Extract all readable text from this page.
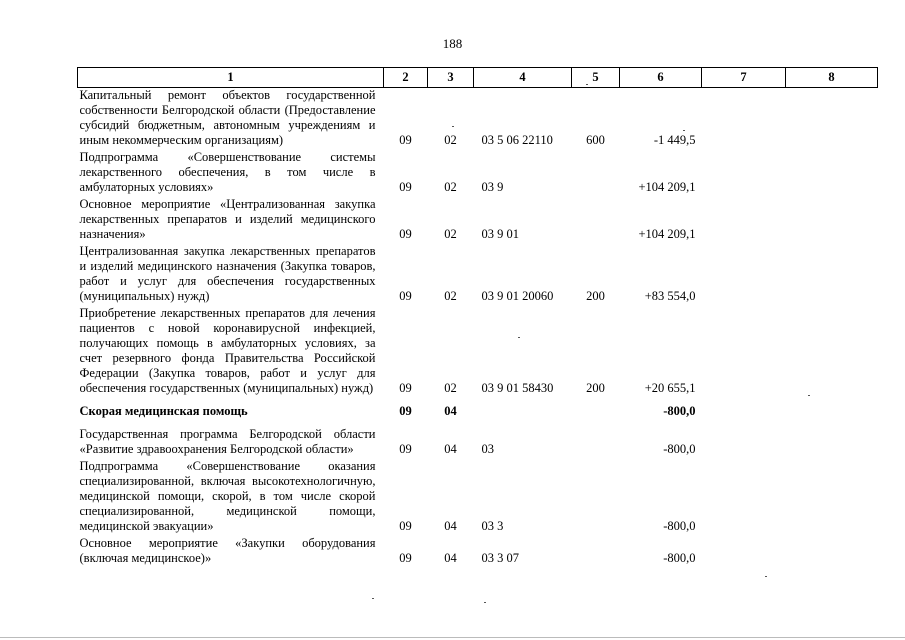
188
1	2	3	4	5	6	7	8
Капитальный ремонт объектов государственной собственности Белгородской области (Предоставление субсидий бюджетным, автономным учреждениям и иным некоммерческим организациям)	09	02	03 5 06 22110	600	-1 449,5		
Подпрограмма «Совершенствование системы лекарственного обеспечения, в том числе в амбулаторных условиях»	09	02	03 9		+104 209,1		
Основное мероприятие «Централизованная закупка лекарственных препаратов и изделий медицинского назначения»	09	02	03 9 01		+104 209,1		
Централизованная закупка лекарственных препаратов и изделий медицинского назначения (Закупка товаров, работ и услуг для обеспечения государственных (муниципальных) нужд)	09	02	03 9 01 20060	200	+83 554,0		
Приобретение лекарственных препаратов для лечения пациентов с новой коронавирусной инфекцией, получающих помощь в амбулаторных условиях, за счет резервного фонда Правительства Российской Федерации (Закупка товаров, работ и услуг для обеспечения государственных (муниципальных) нужд)	09	02	03 9 01 58430	200	+20 655,1		
Скорая медицинская помощь	09	04			-800,0		
Государственная программа Белгородской области «Развитие здравоохранения Белгородской области»	09	04	03		-800,0		
Подпрограмма «Совершенствование оказания специализированной, включая высокотехнологичную, медицинской помощи, скорой, в том числе скорой специализированной, медицинской помощи, медицинской эвакуации»	09	04	03 3		-800,0		
Основное мероприятие «Закупки оборудования (включая медицинское)»	09	04	03 3 07		-800,0		
